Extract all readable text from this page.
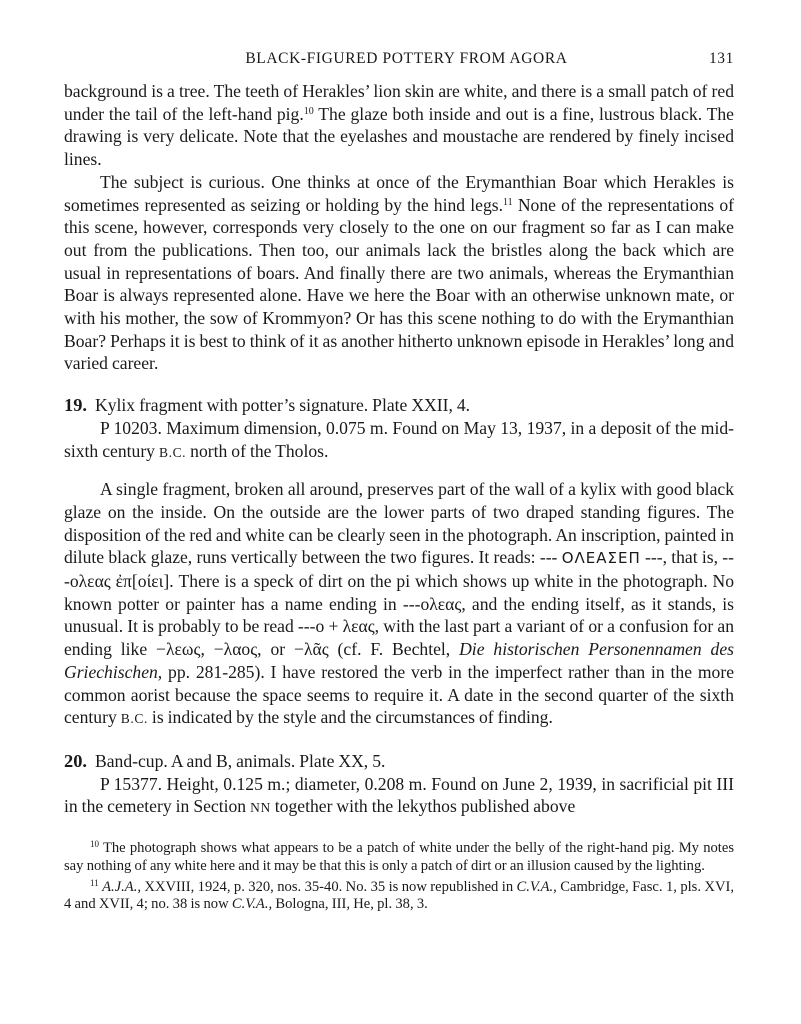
BLACK-FIGURED POTTERY FROM AGORA	131

background is a tree. The teeth of Herakles’ lion skin are white, and there is a small patch of red under the tail of the left-hand pig.$^{10}$ The glaze both inside and out is a fine, lustrous black. The drawing is very delicate. Note that the eyelashes and moustache are rendered by finely incised lines.

The subject is curious. One thinks at once of the Erymanthian Boar which Herakles is sometimes represented as seizing or holding by the hind legs.$^{11}$ None of the representations of this scene, however, corresponds very closely to the one on our fragment so far as I can make out from the publications. Then too, our animals lack the bristles along the back which are usual in representations of boars. And finally there are two animals, whereas the Erymanthian Boar is always represented alone. Have we here the Boar with an otherwise unknown mate, or with his mother, the sow of Krommyon? Or has this scene nothing to do with the Erymanthian Boar? Perhaps it is best to think of it as another hitherto unknown episode in Herakles’ long and varied career.

19. Kylix fragment with potter’s signature. Plate XXII, 4.

P 10203. Maximum dimension, 0.075 m. Found on May 13, 1937, in a deposit of the mid-sixth century B.C. north of the Tholos.

A single fragment, broken all around, preserves part of the wall of a kylix with good black glaze on the inside. On the outside are the lower parts of two draped standing figures. The disposition of the red and white can be clearly seen in the photograph. An inscription, painted in dilute black glaze, runs vertically between the two figures. It reads: --- ΟΛΕΑΣΕΠ ---, that is, ---ολεας ἐπ[οίει]. There is a speck of dirt on the pi which shows up white in the photograph. No known potter or painter has a name ending in ---ολεας, and the ending itself, as it stands, is unusual. It is probably to be read ---ο + λεας, with the last part a variant of or a confusion for an ending like −λεως, −λαος, or −λᾶς (cf. F. Bechtel, Die historischen Personennamen des Griechischen, pp. 281-285). I have restored the verb in the imperfect rather than in the more common aorist because the space seems to require it. A date in the second quarter of the sixth century B.C. is indicated by the style and the circumstances of finding.

20. Band-cup. A and B, animals. Plate XX, 5.

P 15377. Height, 0.125 m.; diameter, 0.208 m. Found on June 2, 1939, in sacrificial pit III in the cemetery in Section NN together with the lekythos published above

$^{10}$ The photograph shows what appears to be a patch of white under the belly of the right-hand pig. My notes say nothing of any white here and it may be that this is only a patch of dirt or an illusion caused by the lighting.

$^{11}$ A.J.A., XXVIII, 1924, p. 320, nos. 35-40. No. 35 is now republished in C.V.A., Cambridge, Fasc. 1, pls. XVI, 4 and XVII, 4; no. 38 is now C.V.A., Bologna, III, He, pl. 38, 3.
